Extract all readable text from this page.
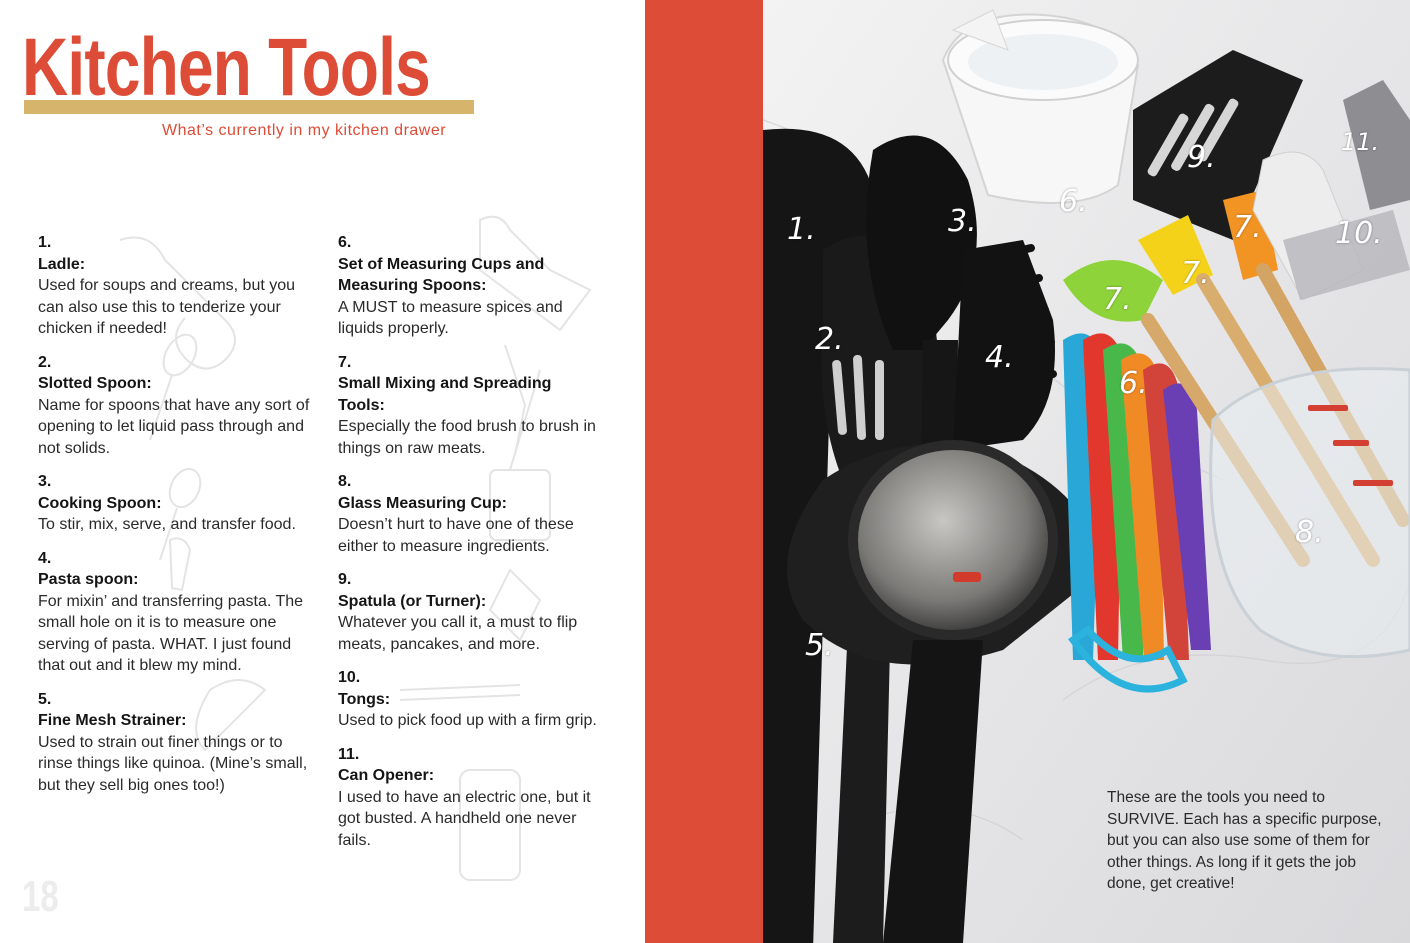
Kitchen Tools
What’s currently in my kitchen drawer
1.
Ladle:
Used for soups and creams, but you can also use this to tenderize your chicken if needed!
2.
Slotted Spoon:
Name for spoons that have any sort of opening to let liquid pass through and not solids.
3.
Cooking Spoon:
To stir, mix, serve, and transfer food.
4.
Pasta spoon:
For mixin’ and transferring pasta. The small hole on it is to measure one serving of pasta. WHAT. I just found that out and it blew my mind.
5.
Fine Mesh Strainer:
Used to strain out finer things or to rinse things like quinoa. (Mine’s small, but they sell big ones too!)
6.
Set of Measuring Cups and Measuring Spoons:
A MUST to measure spices and liquids properly.
7.
Small Mixing and Spreading Tools:
Especially the food brush to brush in things on raw meats.
8.
Glass Measuring Cup:
Doesn’t hurt to have one of these either to measure ingredients.
9.
Spatula (or Turner):
Whatever you call it, a must to flip meats, pancakes, and more.
10.
Tongs:
Used to pick food up with a firm grip.
11.
Can Opener:
I used to have an electric one, but it got busted. A handheld one never fails.
18
1.
2.
3.
4.
5.
6.
6.
7.
7.
7.
8.
9.
10.
11.
These are the tools you need to SURVIVE. Each has a specific purpose, but you can also use some of them for other things. As long if it gets the job done, get creative!
